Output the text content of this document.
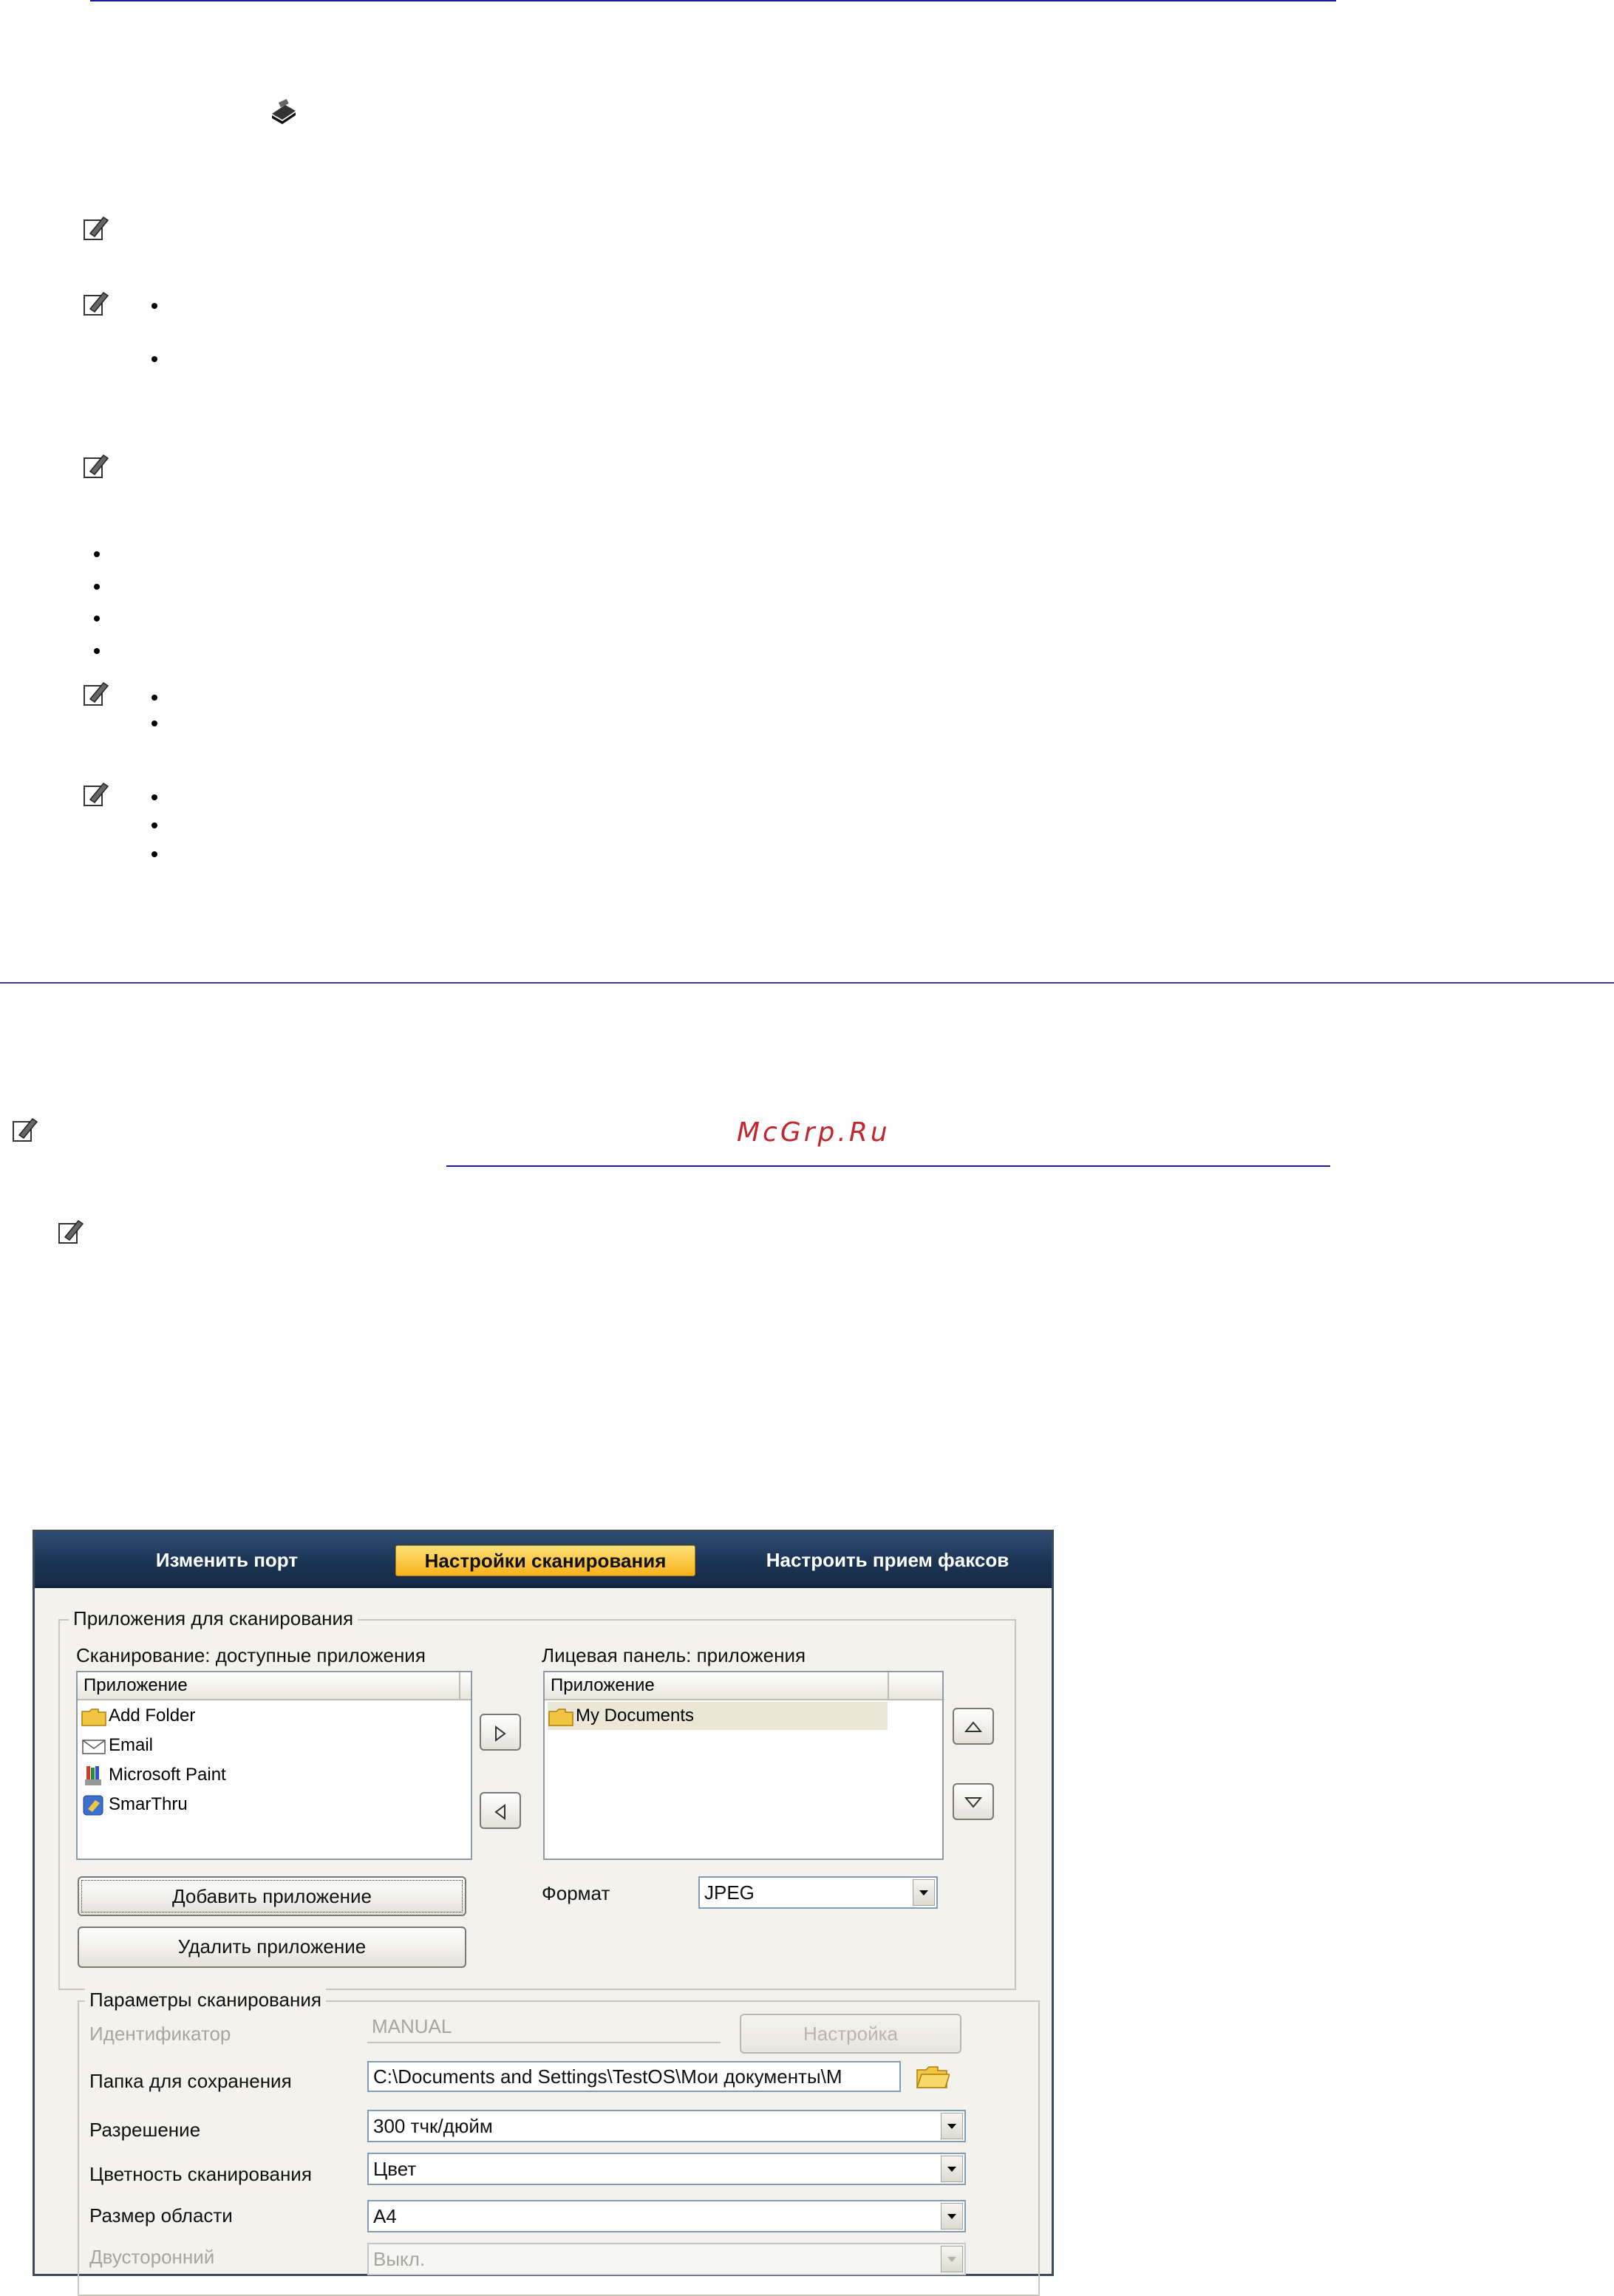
McGrp.Ru
Изменить порт	Настройки сканирования	Настроить прием факсов
Приложения для сканирования
Сканирование: доступные приложения	Лицевая панель: приложения
Приложение
Add Folder
Email
Microsoft Paint
SmarThru
Приложение
My Documents
Добавить приложение
Удалить приложение
Формат	JPEG
Параметры сканирования
Идентификатор	MANUAL	Настройка
Папка для сохранения	C:\Documents and Settings\TestOS\Мои документы\M
Разрешение	300 тчк/дюйм
Цветность сканирования	Цвет
Размер области	A4
Двусторонний	Выкл.
